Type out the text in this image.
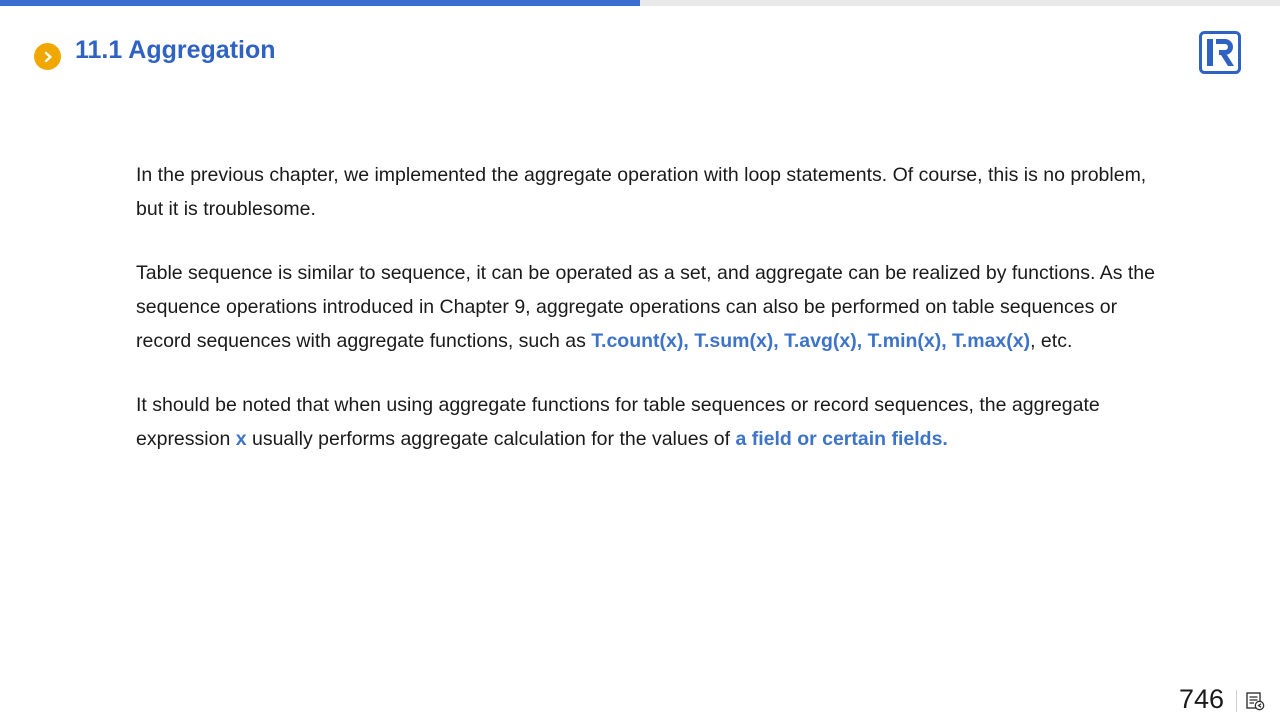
11.1 Aggregation

In the previous chapter, we implemented the aggregate operation with loop statements. Of course, this is no problem, but it is troublesome.

Table sequence is similar to sequence, it can be operated as a set, and aggregate can be realized by functions. As the sequence operations introduced in Chapter 9, aggregate operations can also be performed on table sequences or record sequences with aggregate functions, such as T.count(x), T.sum(x), T.avg(x), T.min(x), T.max(x), etc.

It should be noted that when using aggregate functions for table sequences or record sequences, the aggregate expression x usually performs aggregate calculation for the values of a field or certain fields.

746
